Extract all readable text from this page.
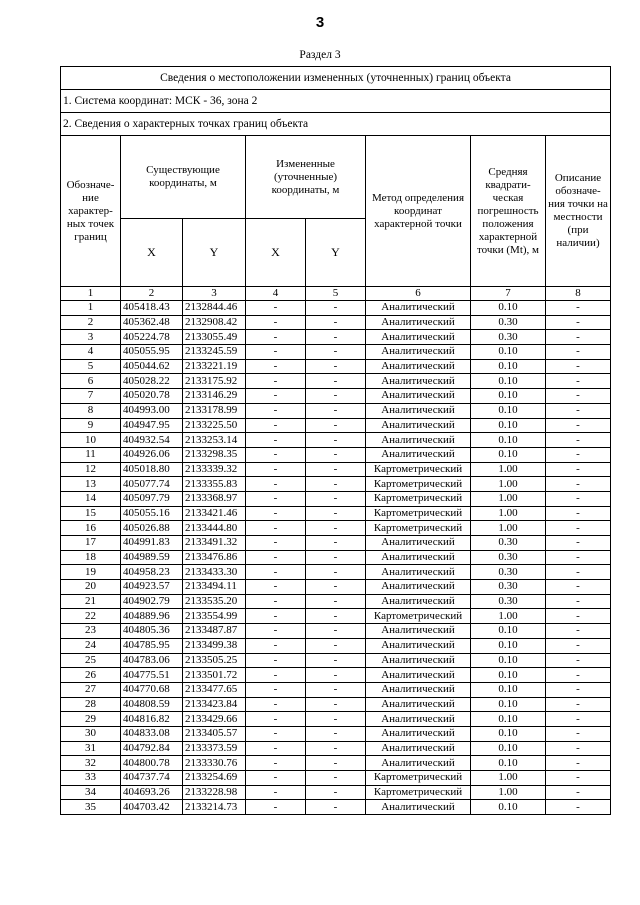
3
Раздел 3
Сведения о местоположении измененных (уточненных) границ объекта							
1. Система координат: МСК - 36, зона 2							
2. Сведения о характерных точках границ объекта							
Обозначе- ние характер- ных точек границ	Существующие координаты, м		Измененные (уточненные) координаты, м		Метод определения координат характерной точки	Средняя квадрати- ческая погрешность положения характерной точки (Mt), м	Описание обозначе- ния точки на местности (при наличии)
	X	Y	X	Y			
1	2	3	4	5	6	7	8
1	405418.43	2132844.46	-	-	Аналитический	0.10	-
2	405362.48	2132908.42	-	-	Аналитический	0.30	-
3	405224.78	2133055.49	-	-	Аналитический	0.30	-
4	405055.95	2133245.59	-	-	Аналитический	0.10	-
5	405044.62	2133221.19	-	-	Аналитический	0.10	-
6	405028.22	2133175.92	-	-	Аналитический	0.10	-
7	405020.78	2133146.29	-	-	Аналитический	0.10	-
8	404993.00	2133178.99	-	-	Аналитический	0.10	-
9	404947.95	2133225.50	-	-	Аналитический	0.10	-
10	404932.54	2133253.14	-	-	Аналитический	0.10	-
11	404926.06	2133298.35	-	-	Аналитический	0.10	-
12	405018.80	2133339.32	-	-	Картометрический	1.00	-
13	405077.74	2133355.83	-	-	Картометрический	1.00	-
14	405097.79	2133368.97	-	-	Картометрический	1.00	-
15	405055.16	2133421.46	-	-	Картометрический	1.00	-
16	405026.88	2133444.80	-	-	Картометрический	1.00	-
17	404991.83	2133491.32	-	-	Аналитический	0.30	-
18	404989.59	2133476.86	-	-	Аналитический	0.30	-
19	404958.23	2133433.30	-	-	Аналитический	0.30	-
20	404923.57	2133494.11	-	-	Аналитический	0.30	-
21	404902.79	2133535.20	-	-	Аналитический	0.30	-
22	404889.96	2133554.99	-	-	Картометрический	1.00	-
23	404805.36	2133487.87	-	-	Аналитический	0.10	-
24	404785.95	2133499.38	-	-	Аналитический	0.10	-
25	404783.06	2133505.25	-	-	Аналитический	0.10	-
26	404775.51	2133501.72	-	-	Аналитический	0.10	-
27	404770.68	2133477.65	-	-	Аналитический	0.10	-
28	404808.59	2133423.84	-	-	Аналитический	0.10	-
29	404816.82	2133429.66	-	-	Аналитический	0.10	-
30	404833.08	2133405.57	-	-	Аналитический	0.10	-
31	404792.84	2133373.59	-	-	Аналитический	0.10	-
32	404800.78	2133330.76	-	-	Аналитический	0.10	-
33	404737.74	2133254.69	-	-	Картометрический	1.00	-
34	404693.26	2133228.98	-	-	Картометрический	1.00	-
35	404703.42	2133214.73	-	-	Аналитический	0.10	-
